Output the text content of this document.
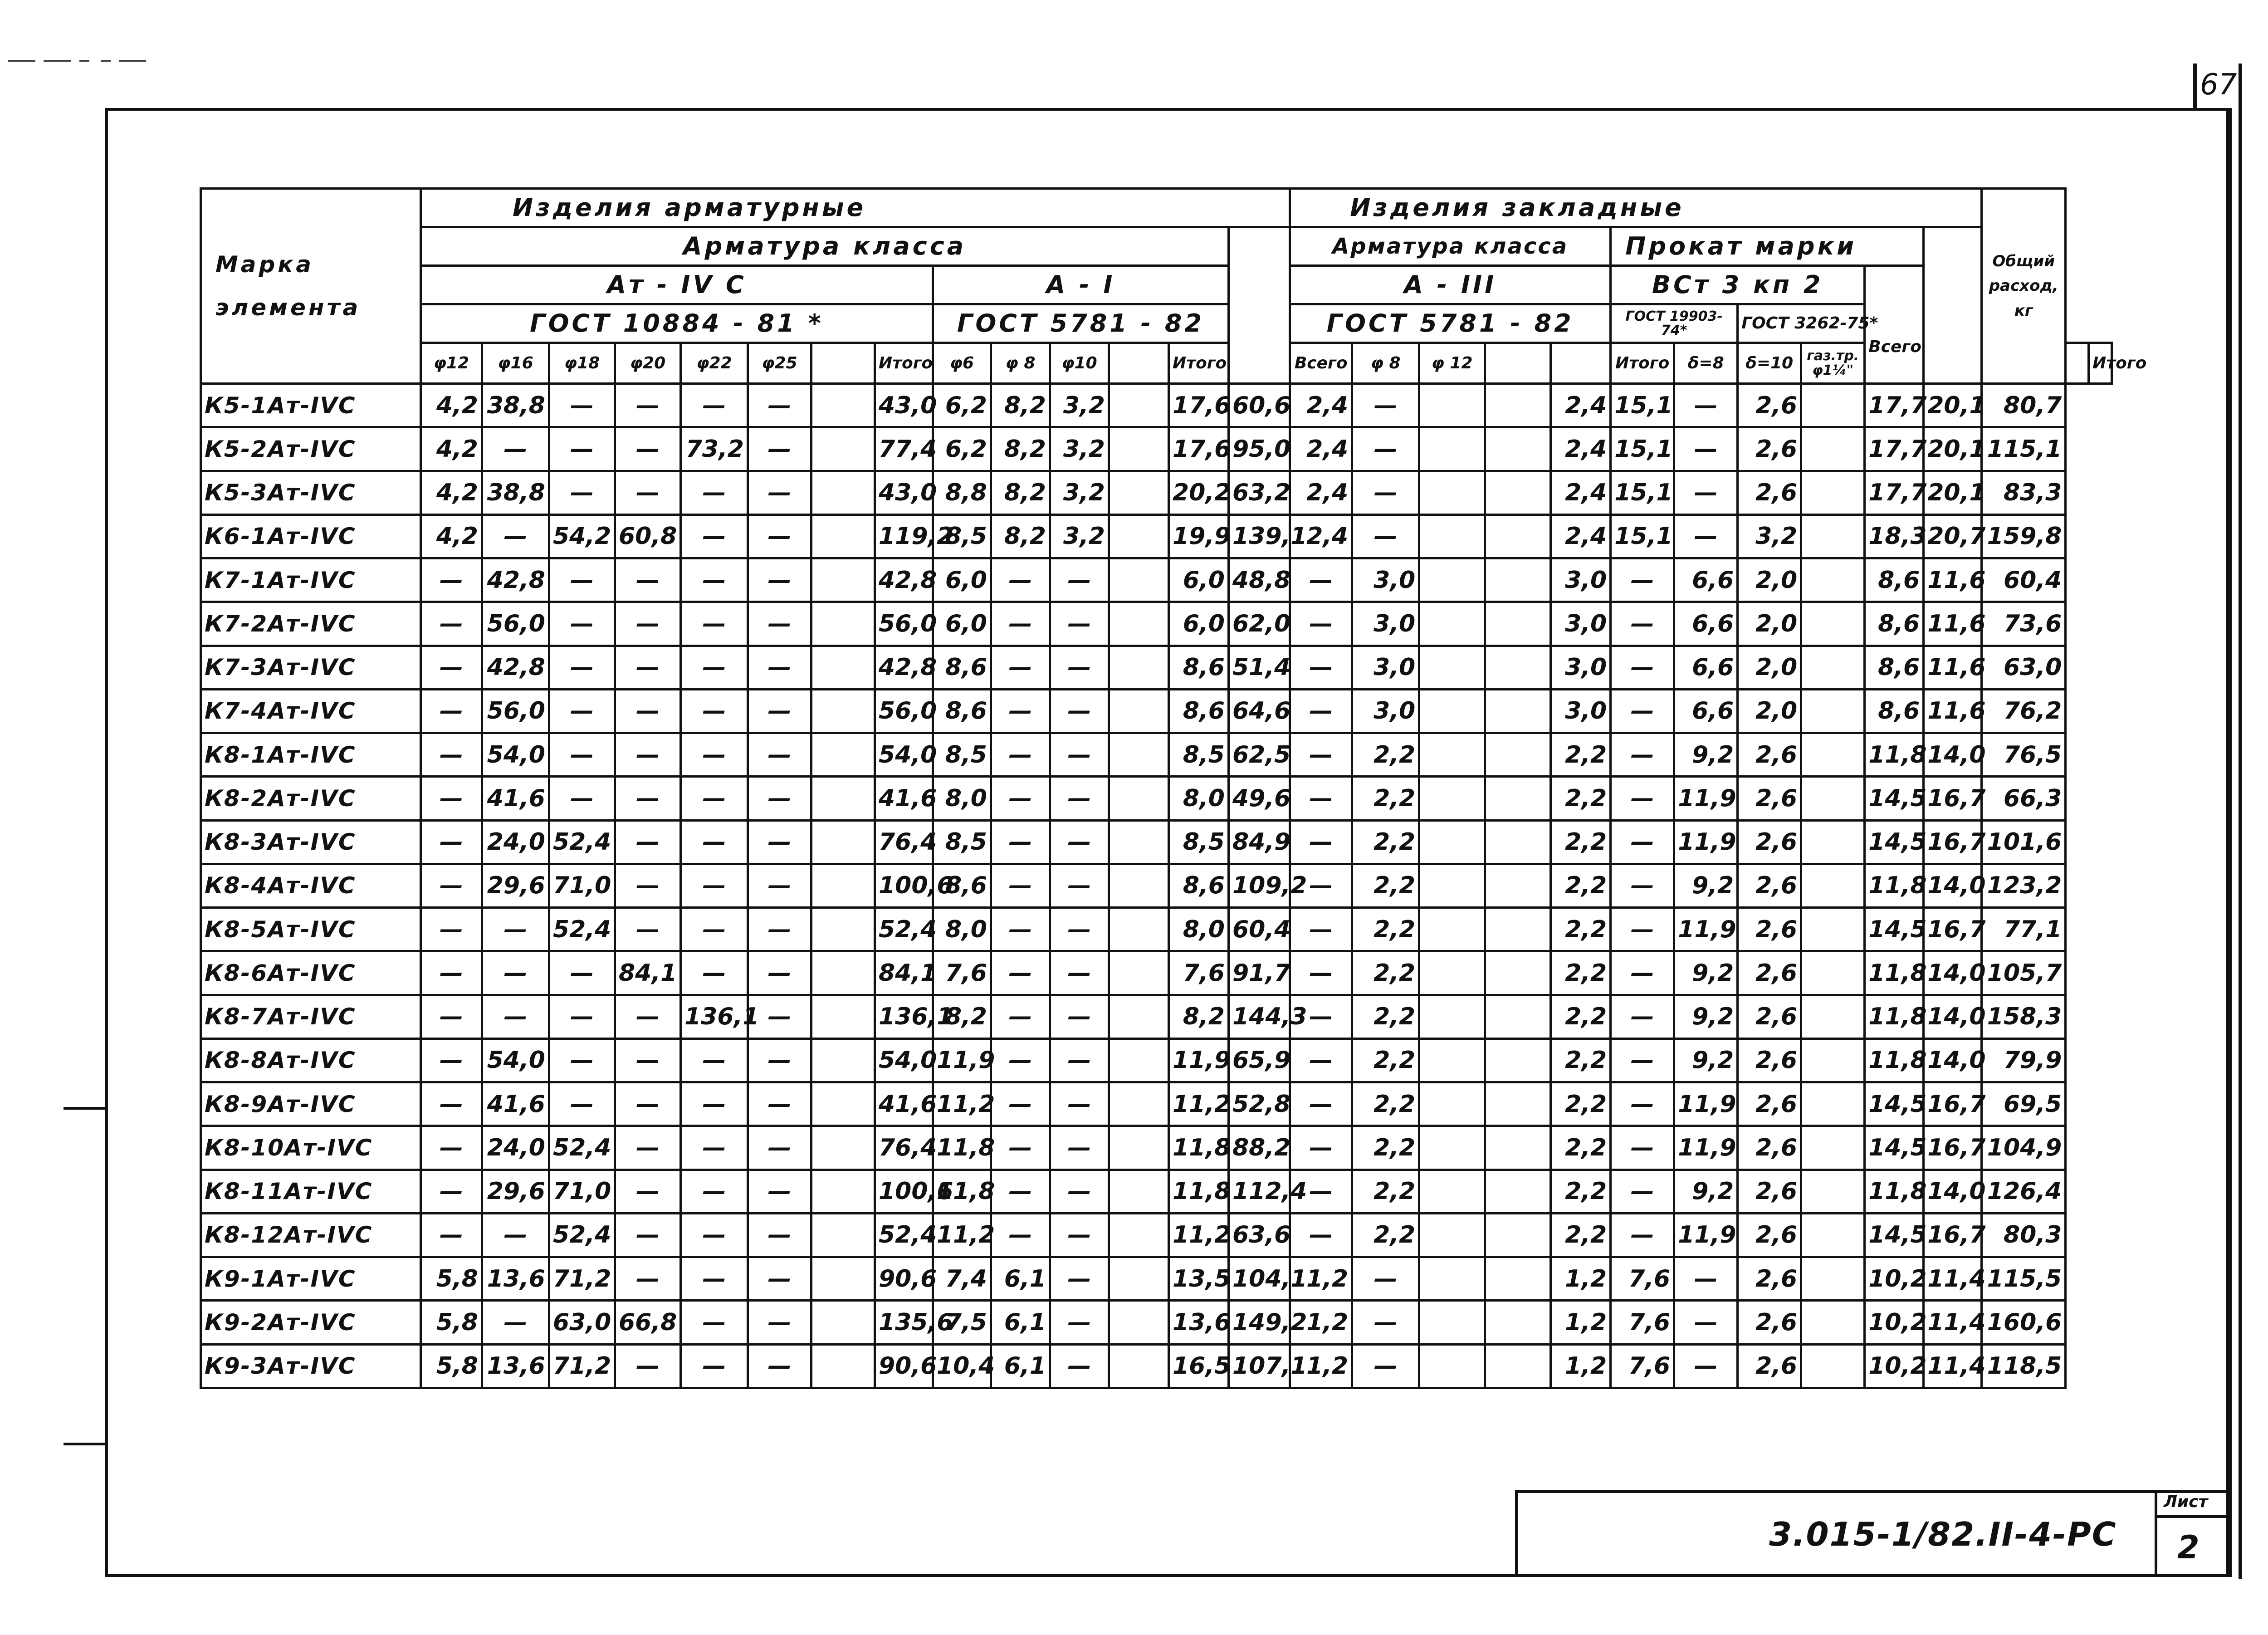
67
Марка элемента	Изделия арматурные														Изделия закладные											Общий расход, кг		
	Арматура класса														Арматура класса					Прокат марки								
	Ат - IV С								А - I						А - III					ВСт 3 кп 2				Всего				
	ГОСТ 10884 - 81 *								ГОСТ 5781 - 82						ГОСТ 5781 - 82					ГОСТ 19903-74*		ГОСТ 3262-75*						
	φ12	φ16	φ18	φ20	φ22	φ25		Итого	φ6	φ 8	φ10		Итого		Всего	φ 8	φ 12			Итого	δ=8	δ=10	газ.тр. φ1¼"					Итого
К5-1Ат-IVС	4,2	38,8	—	—	—	—		43,0	6,2	8,2	3,2		17,6	60,6	2,4	—			2,4	15,1	—	2,6		17,7	20,1	80,7		
К5-2Ат-IVС	4,2	—	—	—	73,2	—		77,4	6,2	8,2	3,2		17,6	95,0	2,4	—			2,4	15,1	—	2,6		17,7	20,1	115,1		
К5-3Ат-IVС	4,2	38,8	—	—	—	—		43,0	8,8	8,2	3,2		20,2	63,2	2,4	—			2,4	15,1	—	2,6		17,7	20,1	83,3		
К6-1Ат-IVС	4,2	—	54,2	60,8	—	—		119,2	8,5	8,2	3,2		19,9	139,1	2,4	—			2,4	15,1	—	3,2		18,3	20,7	159,8		
К7-1Ат-IVС	—	42,8	—	—	—	—		42,8	6,0	—	—		6,0	48,8	—	3,0			3,0	—	6,6	2,0		8,6	11,6	60,4		
К7-2Ат-IVС	—	56,0	—	—	—	—		56,0	6,0	—	—		6,0	62,0	—	3,0			3,0	—	6,6	2,0		8,6	11,6	73,6		
К7-3Ат-IVС	—	42,8	—	—	—	—		42,8	8,6	—	—		8,6	51,4	—	3,0			3,0	—	6,6	2,0		8,6	11,6	63,0		
К7-4Ат-IVС	—	56,0	—	—	—	—		56,0	8,6	—	—		8,6	64,6	—	3,0			3,0	—	6,6	2,0		8,6	11,6	76,2		
К8-1Ат-IVС	—	54,0	—	—	—	—		54,0	8,5	—	—		8,5	62,5	—	2,2			2,2	—	9,2	2,6		11,8	14,0	76,5		
К8-2Ат-IVС	—	41,6	—	—	—	—		41,6	8,0	—	—		8,0	49,6	—	2,2			2,2	—	11,9	2,6		14,5	16,7	66,3		
К8-3Ат-IVС	—	24,0	52,4	—	—	—		76,4	8,5	—	—		8,5	84,9	—	2,2			2,2	—	11,9	2,6		14,5	16,7	101,6		
К8-4Ат-IVС	—	29,6	71,0	—	—	—		100,6	8,6	—	—		8,6	109,2	—	2,2			2,2	—	9,2	2,6		11,8	14,0	123,2		
К8-5Ат-IVС	—	—	52,4	—	—	—		52,4	8,0	—	—		8,0	60,4	—	2,2			2,2	—	11,9	2,6		14,5	16,7	77,1		
К8-6Ат-IVС	—	—	—	84,1	—	—		84,1	7,6	—	—		7,6	91,7	—	2,2			2,2	—	9,2	2,6		11,8	14,0	105,7		
К8-7Ат-IVС	—	—	—	—	136,1	—		136,1	8,2	—	—		8,2	144,3	—	2,2			2,2	—	9,2	2,6		11,8	14,0	158,3		
К8-8Ат-IVС	—	54,0	—	—	—	—		54,0	11,9	—	—		11,9	65,9	—	2,2			2,2	—	9,2	2,6		11,8	14,0	79,9		
К8-9Ат-IVС	—	41,6	—	—	—	—		41,6	11,2	—	—		11,2	52,8	—	2,2			2,2	—	11,9	2,6		14,5	16,7	69,5		
К8-10Ат-IVС	—	24,0	52,4	—	—	—		76,4	11,8	—	—		11,8	88,2	—	2,2			2,2	—	11,9	2,6		14,5	16,7	104,9		
К8-11Ат-IVС	—	29,6	71,0	—	—	—		100,6	11,8	—	—		11,8	112,4	—	2,2			2,2	—	9,2	2,6		11,8	14,0	126,4		
К8-12Ат-IVС	—	—	52,4	—	—	—		52,4	11,2	—	—		11,2	63,6	—	2,2			2,2	—	11,9	2,6		14,5	16,7	80,3		
К9-1Ат-IVС	5,8	13,6	71,2	—	—	—		90,6	7,4	6,1	—		13,5	104,1	1,2	—			1,2	7,6	—	2,6		10,2	11,4	115,5		
К9-2Ат-IVС	5,8	—	63,0	66,8	—	—		135,6	7,5	6,1	—		13,6	149,2	1,2	—			1,2	7,6	—	2,6		10,2	11,4	160,6		
К9-3Ат-IVС	5,8	13,6	71,2	—	—	—		90,6	10,4	6,1	—		16,5	107,1	1,2	—			1,2	7,6	—	2,6		10,2	11,4	118,5		
3.015-1/82.II-4-РС
Лист
2
